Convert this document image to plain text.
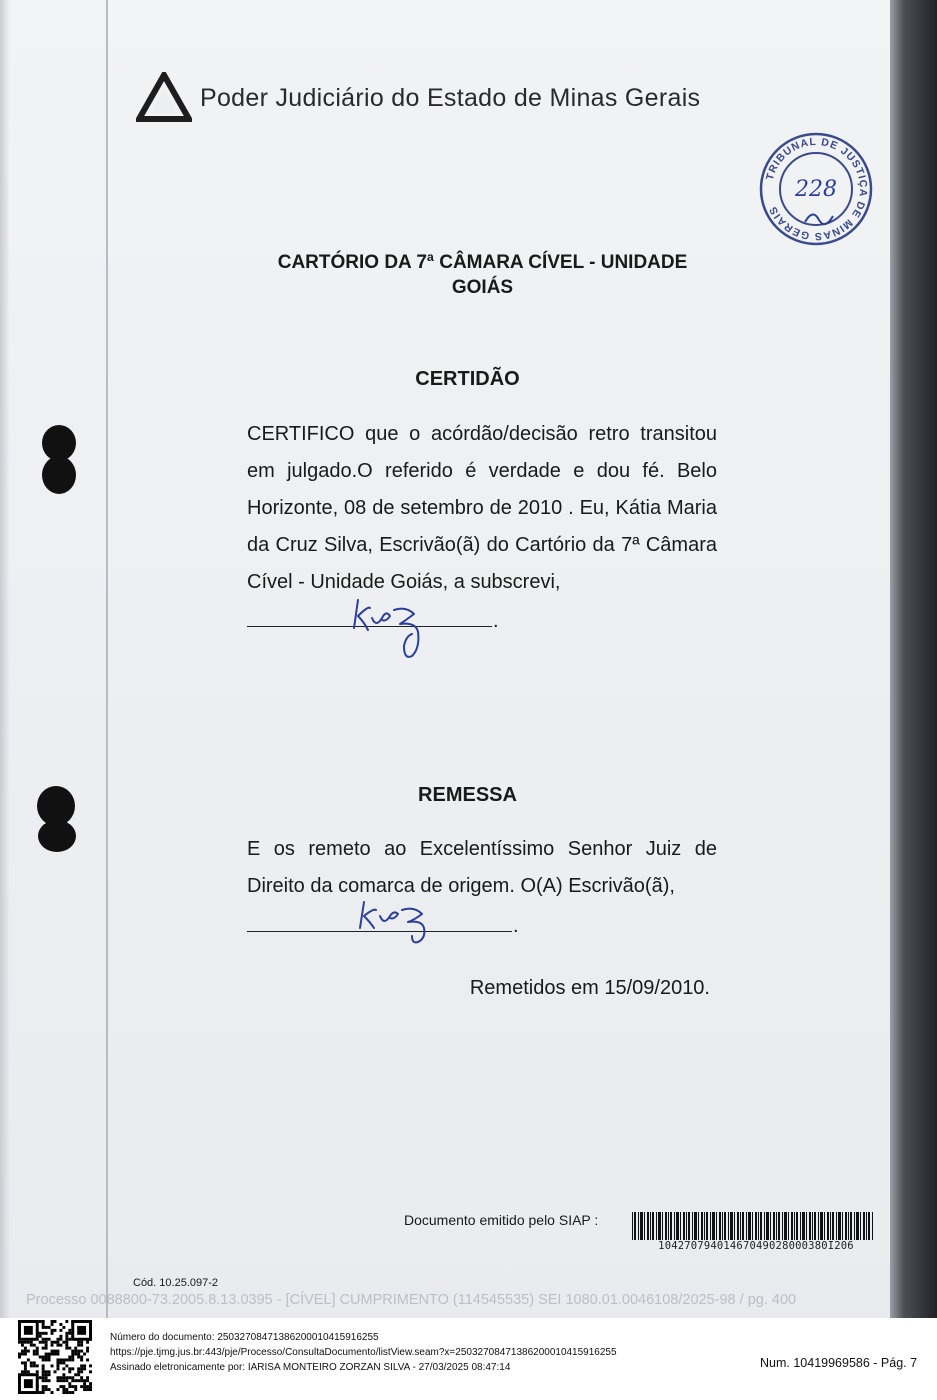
Poder Judiciário do Estado de Minas Gerais
TRIBUNAL DE JUSTIÇA DE MINAS GERAIS
228
CARTÓRIO DA 7ª CÂMARA CÍVEL - UNIDADE
GOIÁS
CERTIDÃO
CERTIFICO que o acórdão/decisão retro transitou em julgado.O referido é verdade e dou fé. Belo Horizonte, 08 de setembro de 2010 . Eu, Kátia Maria da Cruz Silva, Escrivão(ã) do Cartório da 7ª Câmara Cível - Unidade Goiás, a subscrevi,
.
REMESSA
E os remeto ao Excelentíssimo Senhor Juiz de Direito da comarca de origem. O(A) Escrivão(ã),
.
Remetidos em 15/09/2010.
Documento emitido pelo SIAP :
10427079401467049028000380I206
Cód. 10.25.097-2
Processo 0088800-73.2005.8.13.0395 - [CÍVEL] CUMPRIMENTO (114545535) SEI 1080.01.0046108/2025-98 / pg. 400
Número do documento: 25032708471386200010415916255
https://pje.tjmg.jus.br:443/pje/Processo/ConsultaDocumento/listView.seam?x=25032708471386200010415916255
Assinado eletronicamente por: IARISA MONTEIRO ZORZAN SILVA - 27/03/2025 08:47:14	Num. 10419969586 - Pág. 7
